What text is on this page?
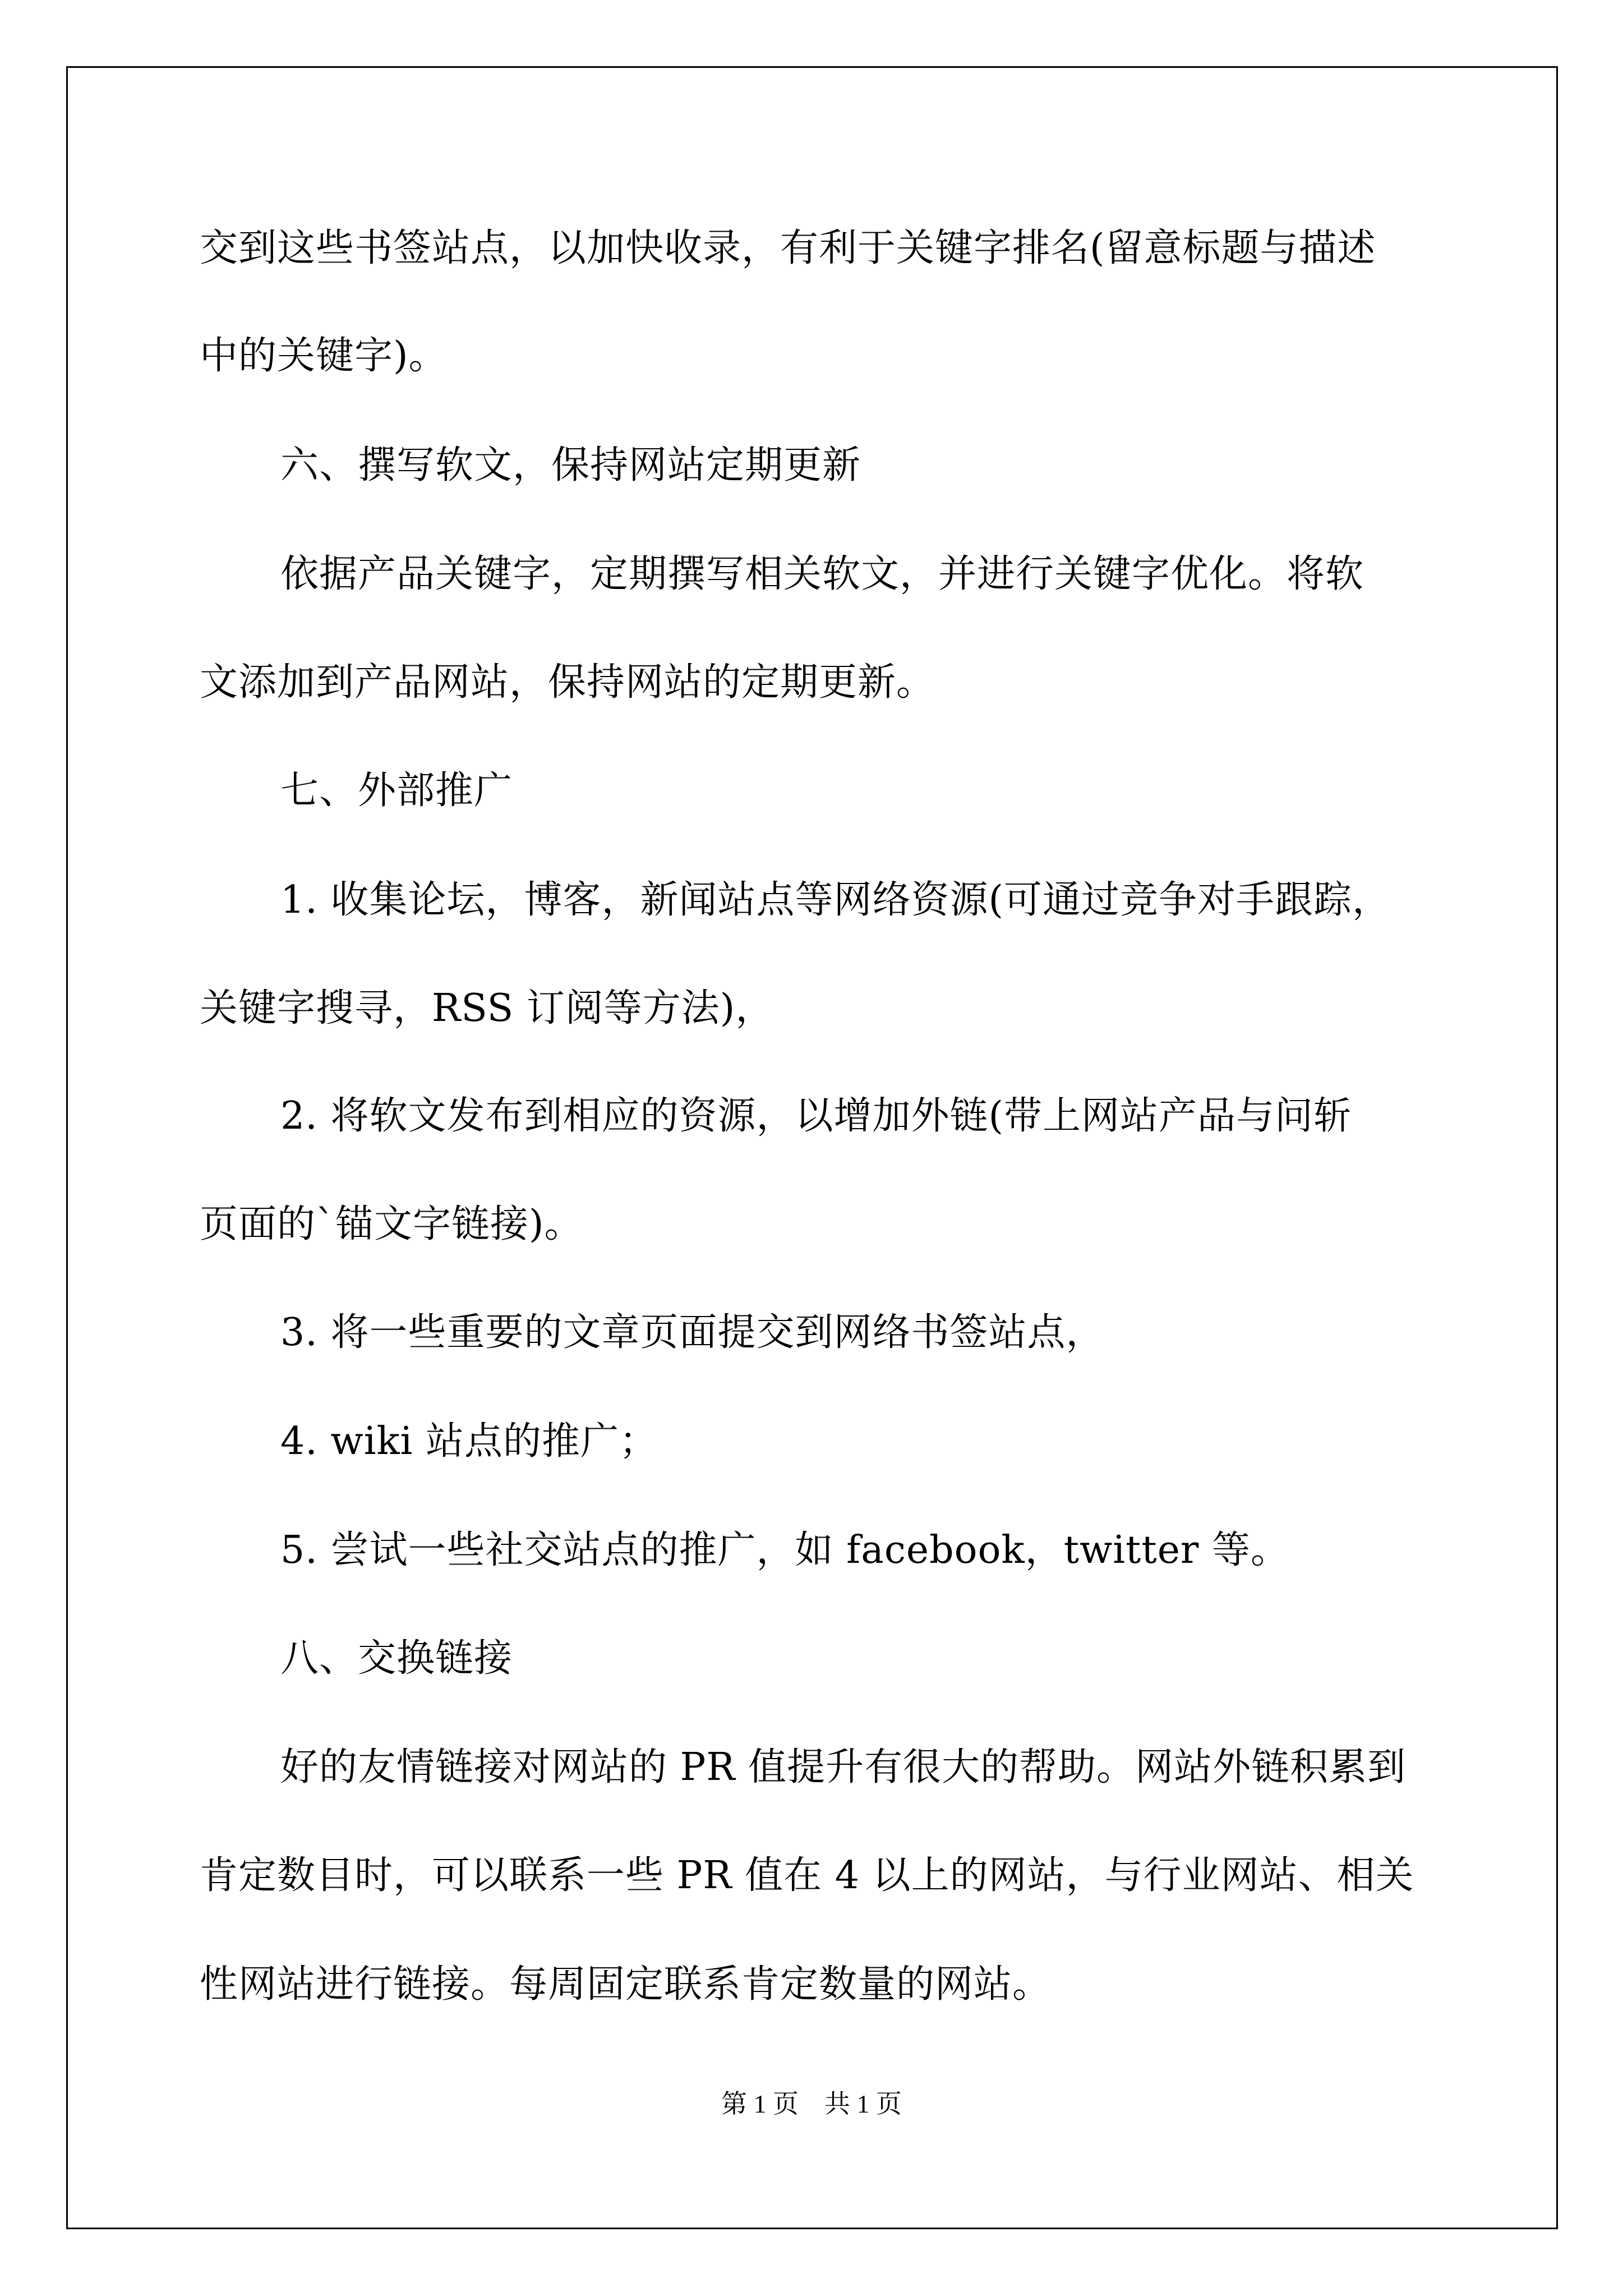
交到这些书签站点，以加快收录，有利于关键字排名(留意标题与描述
中的关键字)。
六、撰写软文，保持网站定期更新
依据产品关键字，定期撰写相关软文，并进行关键字优化。将软
文添加到产品网站，保持网站的定期更新。
七、外部推广
1. 收集论坛，博客，新闻站点等网络资源(可通过竞争对手跟踪，
关键字搜寻，RSS 订阅等方法)，
2. 将软文发布到相应的资源，以增加外链(带上网站产品与问斩
页面的`锚文字链接)。
3. 将一些重要的文章页面提交到网络书签站点，
4. wiki 站点的推广；
5. 尝试一些社交站点的推广，如 facebook，twitter 等。
八、交换链接
好的友情链接对网站的 PR 值提升有很大的帮助。网站外链积累到
肯定数目时，可以联系一些 PR 值在 4 以上的网站，与行业网站、相关
性网站进行链接。每周固定联系肯定数量的网站。
第 1 页　共 1 页
